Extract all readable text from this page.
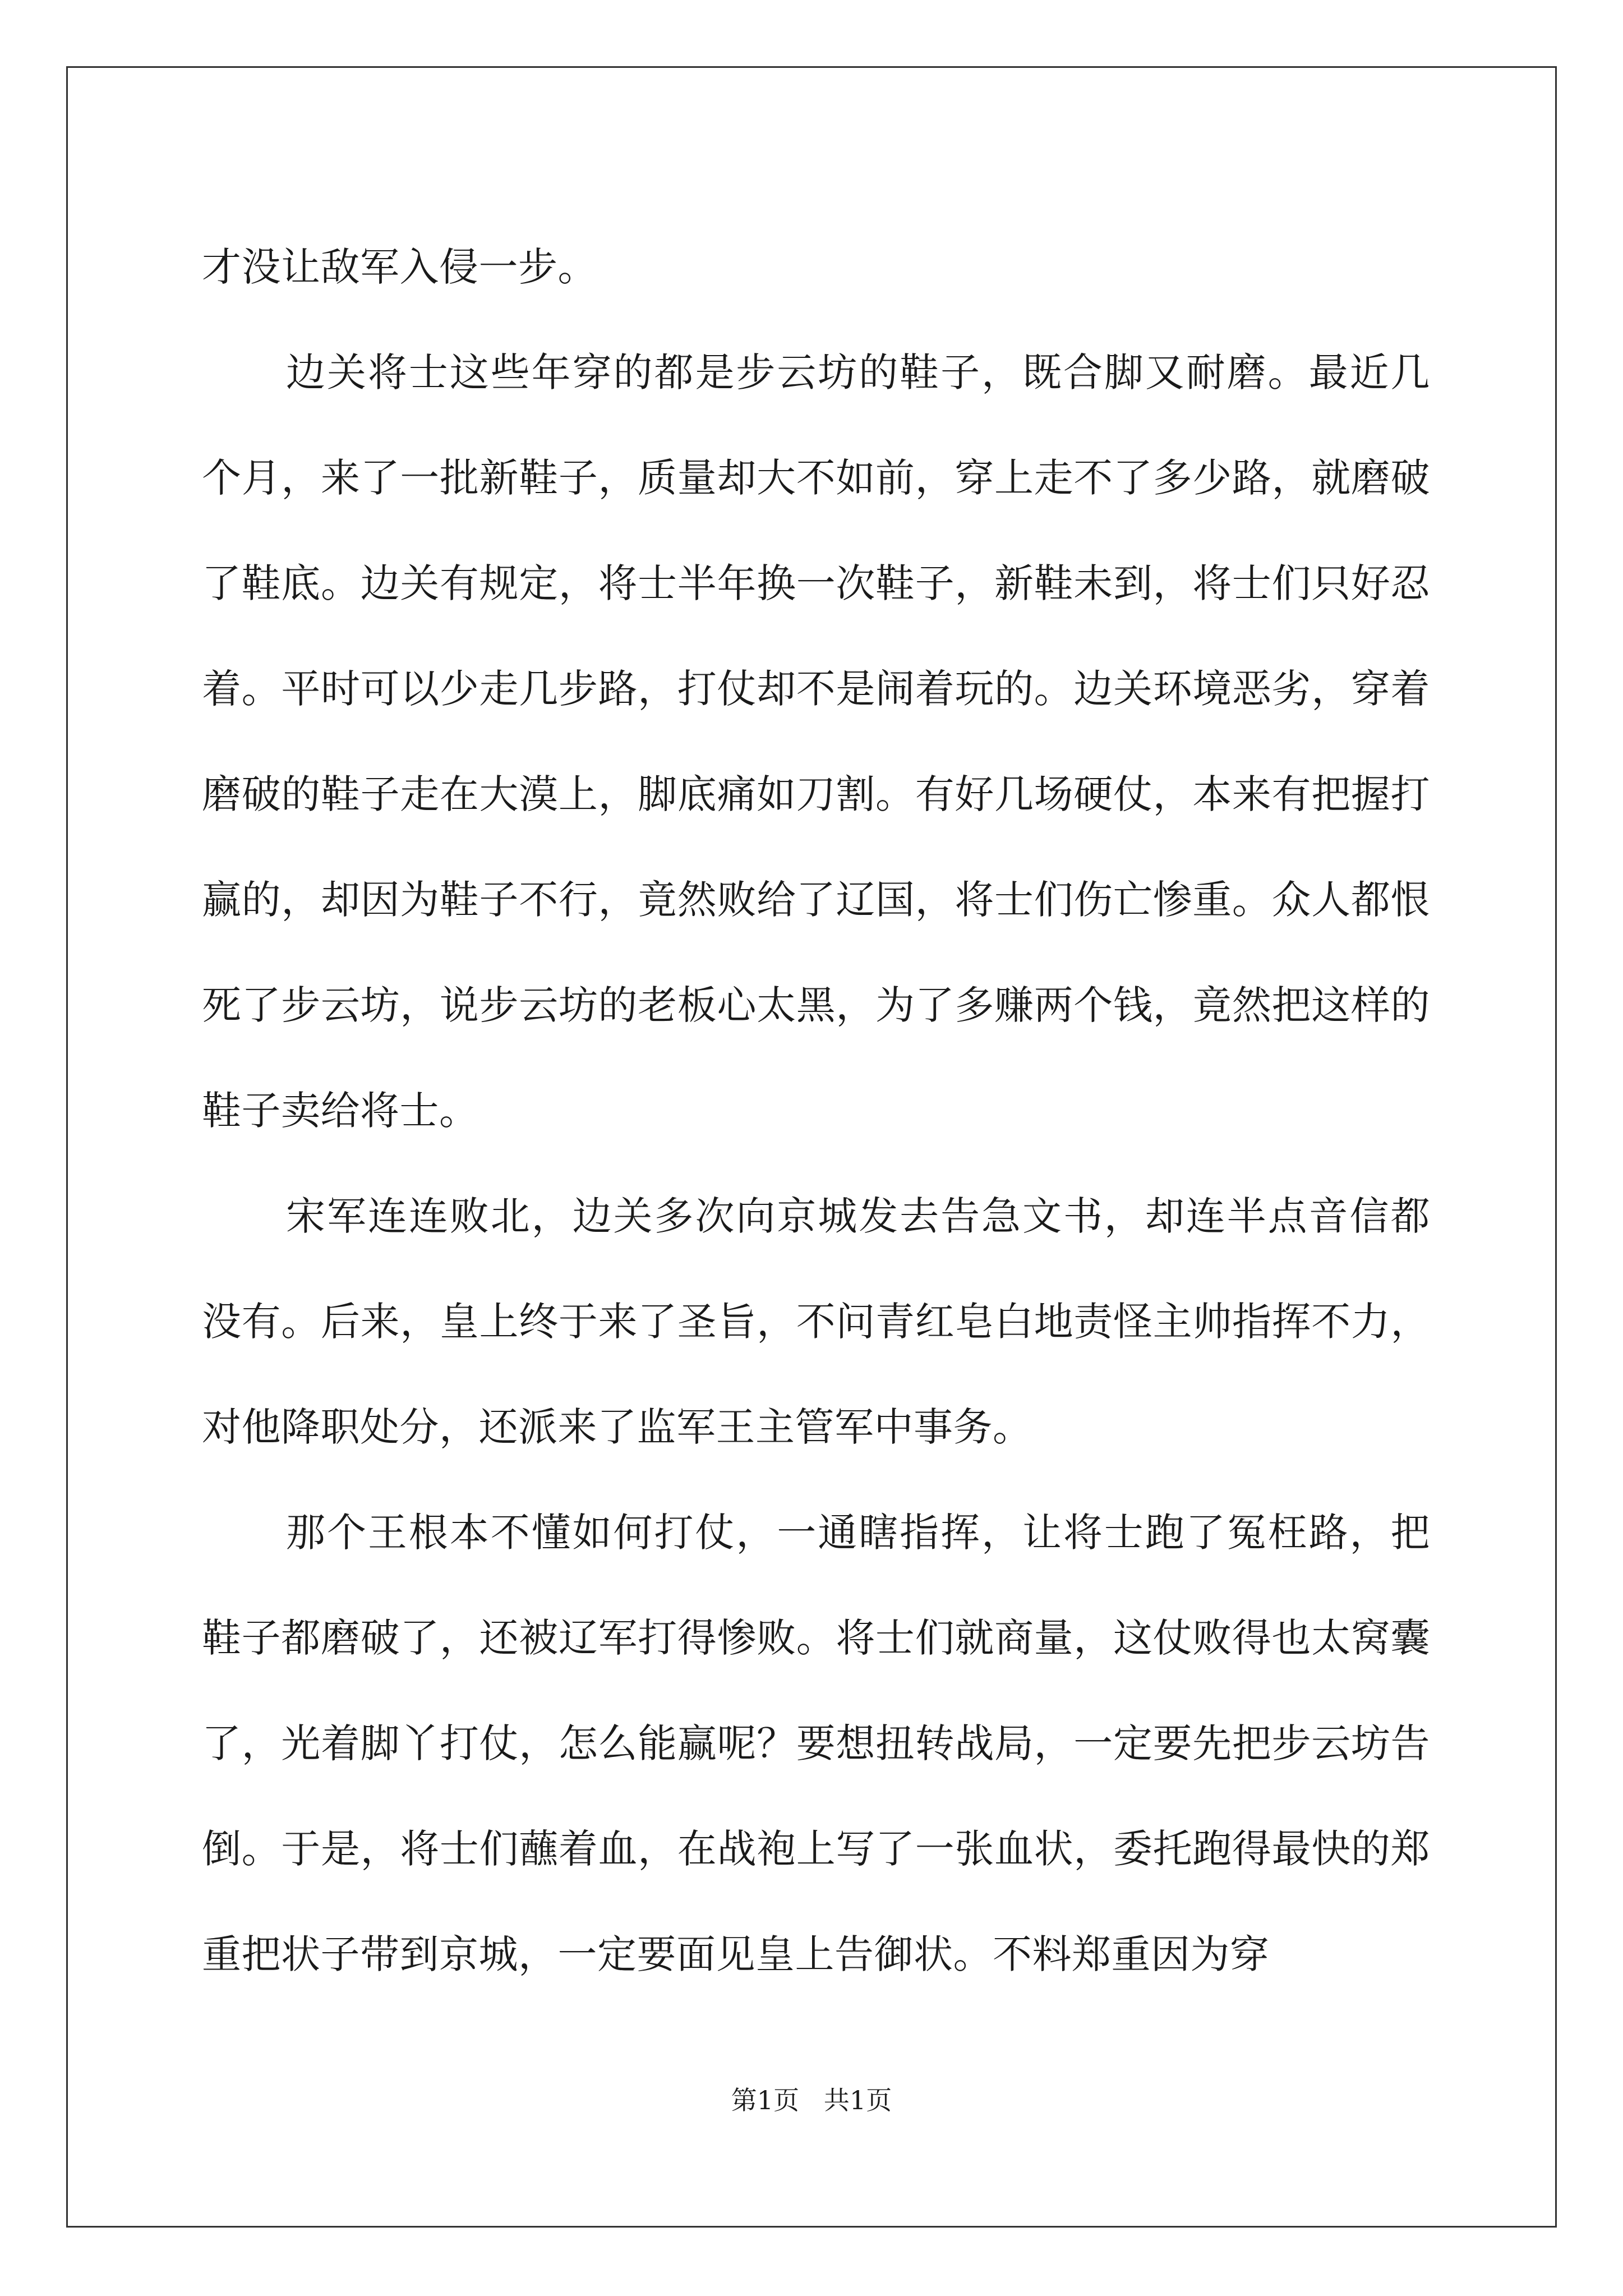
才没让敌军入侵一步。

边关将士这些年穿的都是步云坊的鞋子，既合脚又耐磨。最近几个月，来了一批新鞋子，质量却大不如前，穿上走不了多少路，就磨破了鞋底。边关有规定，将士半年换一次鞋子，新鞋未到，将士们只好忍着。平时可以少走几步路，打仗却不是闹着玩的。边关环境恶劣，穿着磨破的鞋子走在大漠上，脚底痛如刀割。有好几场硬仗，本来有把握打赢的，却因为鞋子不行，竟然败给了辽国，将士们伤亡惨重。众人都恨死了步云坊，说步云坊的老板心太黑，为了多赚两个钱，竟然把这样的鞋子卖给将士。

宋军连连败北，边关多次向京城发去告急文书，却连半点音信都没有。后来，皇上终于来了圣旨，不问青红皂白地责怪主帅指挥不力，对他降职处分，还派来了监军王主管军中事务。

那个王根本不懂如何打仗，一通瞎指挥，让将士跑了冤枉路，把鞋子都磨破了，还被辽军打得惨败。将士们就商量，这仗败得也太窝囊了，光着脚丫打仗，怎么能赢呢？要想扭转战局，一定要先把步云坊告倒。于是，将士们蘸着血，在战袍上写了一张血状，委托跑得最快的郑重把状子带到京城，一定要面见皇上告御状。不料郑重因为穿

第1页   共1页
